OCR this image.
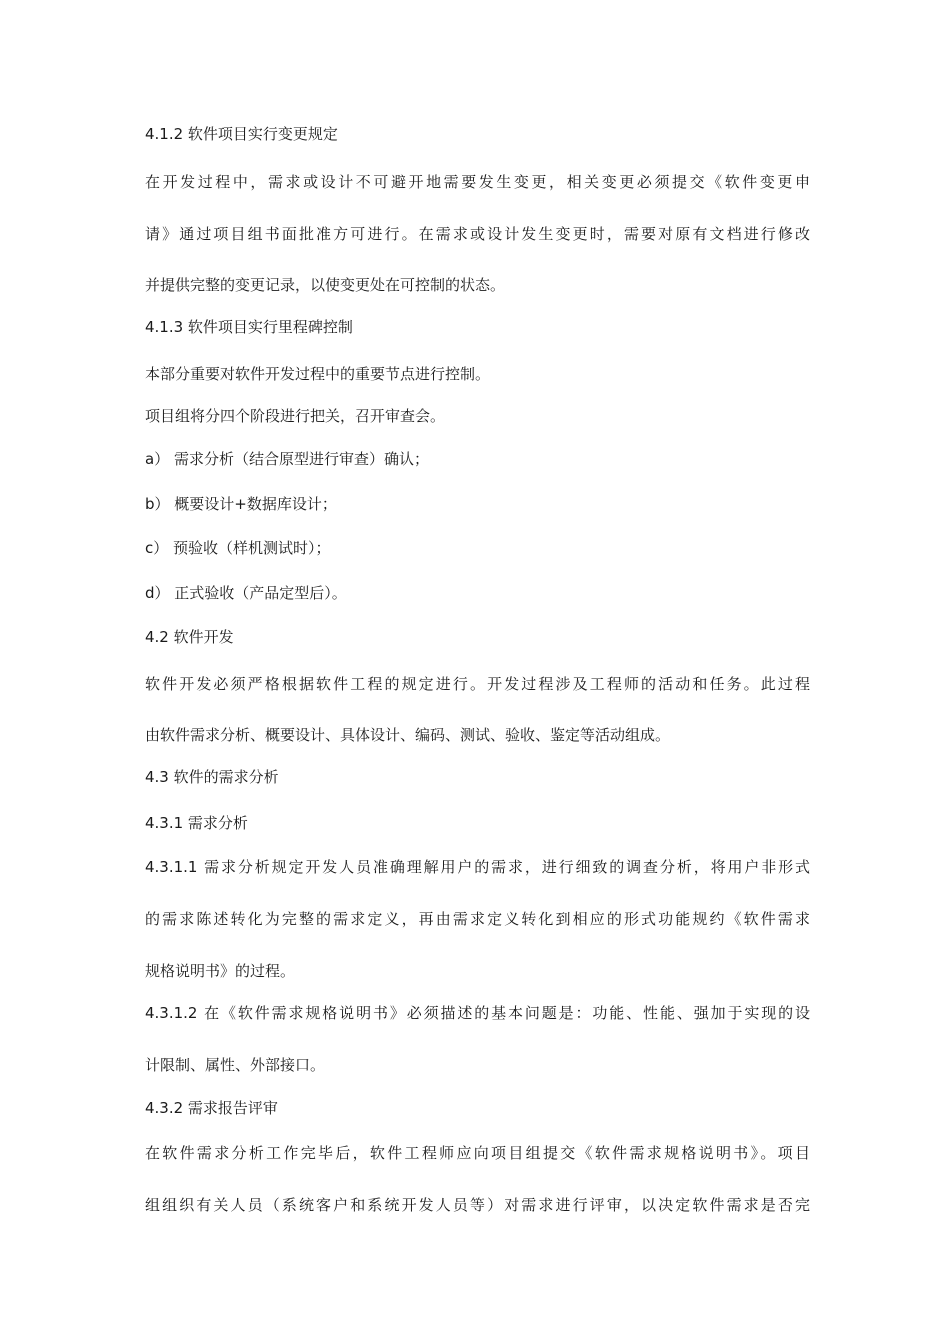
4.1.2 软件项目实行变更规定
在开发过程中，需求或设计不可避开地需要发生变更，相关变更必须提交《软件变更申
请》通过项目组书面批准方可进行。在需求或设计发生变更时，需要对原有文档进行修改
并提供完整的变更记录，以使变更处在可控制的状态。
4.1.3 软件项目实行里程碑控制
本部分重要对软件开发过程中的重要节点进行控制。
项目组将分四个阶段进行把关，召开审查会。
a） 需求分析（结合原型进行审查）确认；
b） 概要设计+数据库设计；
c） 预验收（样机测试时）；
d） 正式验收（产品定型后）。
4.2 软件开发
软件开发必须严格根据软件工程的规定进行。开发过程涉及工程师的活动和任务。此过程
由软件需求分析、概要设计、具体设计、编码、测试、验收、鉴定等活动组成。
4.3 软件的需求分析
4.3.1 需求分析
4.3.1.1 需求分析规定开发人员准确理解用户的需求，进行细致的调查分析，将用户非形式
的需求陈述转化为完整的需求定义，再由需求定义转化到相应的形式功能规约《软件需求
规格说明书》的过程。
4.3.1.2 在《软件需求规格说明书》必须描述的基本问题是：功能、性能、强加于实现的设
计限制、属性、外部接口。
4.3.2 需求报告评审
在软件需求分析工作完毕后，软件工程师应向项目组提交《软件需求规格说明书》。项目
组组织有关人员（系统客户和系统开发人员等）对需求进行评审，以决定软件需求是否完
